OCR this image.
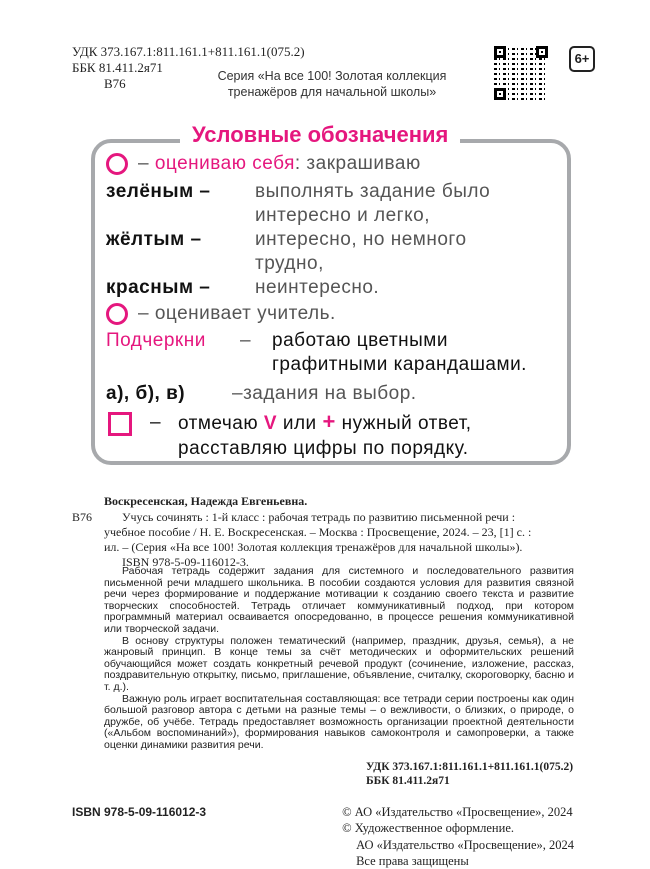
УДК 373.167.1:811.161.1+811.161.1(075.2)
ББК 81.411.2я71
В76	Серия «На все 100! Золотая коллекция
тренажёров для начальной школы»
6+
Условные обозначения
– оцениваю себя: закрашиваю
зелёным – выполнять задание было
интересно и легко,
жёлтым –	интересно, но немного
трудно,
красным – неинтересно.
– оценивает учитель.
Подчеркни – работаю цветными
графитными карандашами.
а), б), в) –задания на выбор.
– отмечаю V или + нужный ответ,
расставляю цифры по порядку.
Воскресенская, Надежда Евгеньевна.
В76 Учусь сочинять : 1-й класс : рабочая тетрадь по развитию письменной речи :
учебное пособие / Н. Е. Воскресенская. – Москва : Просвещение, 2024. – 23, [1] с. :
ил. – (Серия «На все 100! Золотая коллекция тренажёров для начальной школы»).
ISBN 978-5-09-116012-3.

Рабочая тетрадь содержит задания для системного и последовательного развития письменной речи младшего школьника. В пособии создаются условия для развития связной речи через формирование и поддержание мотивации к созданию своего текста и развитие творческих способностей. Тетрадь отличает коммуникативный подход, при котором программный материал осваивается опосредованно, в процессе решения коммуникативной или творческой задачи.

В основу структуры положен тематический (например, праздник, друзья, семья), а не жанровый принцип. В конце темы за счёт методических и оформительских решений обучающийся может создать конкретный речевой продукт (сочинение, изложение, рассказ, поздравительную открытку, письмо, приглашение, объявление, считалку, скороговорку, басню и т. д.).

Важную роль играет воспитательная составляющая: все тетради серии построены как один большой разговор автора с детьми на разные темы – о вежливости, о близких, о природе, о дружбе, об учёбе. Тетрадь предоставляет возможность организации проектной деятельности («Альбом воспоминаний»), формирования навыков самоконтроля и самопроверки, а также оценки динамики развития речи.

УДК 373.167.1:811.161.1+811.161.1(075.2)
ББК 81.411.2я71
ISBN 978-5-09-116012-3	© АО «Издательство «Просвещение», 2024
© Художественное оформление.
АО «Издательство «Просвещение», 2024
Все права защищены
